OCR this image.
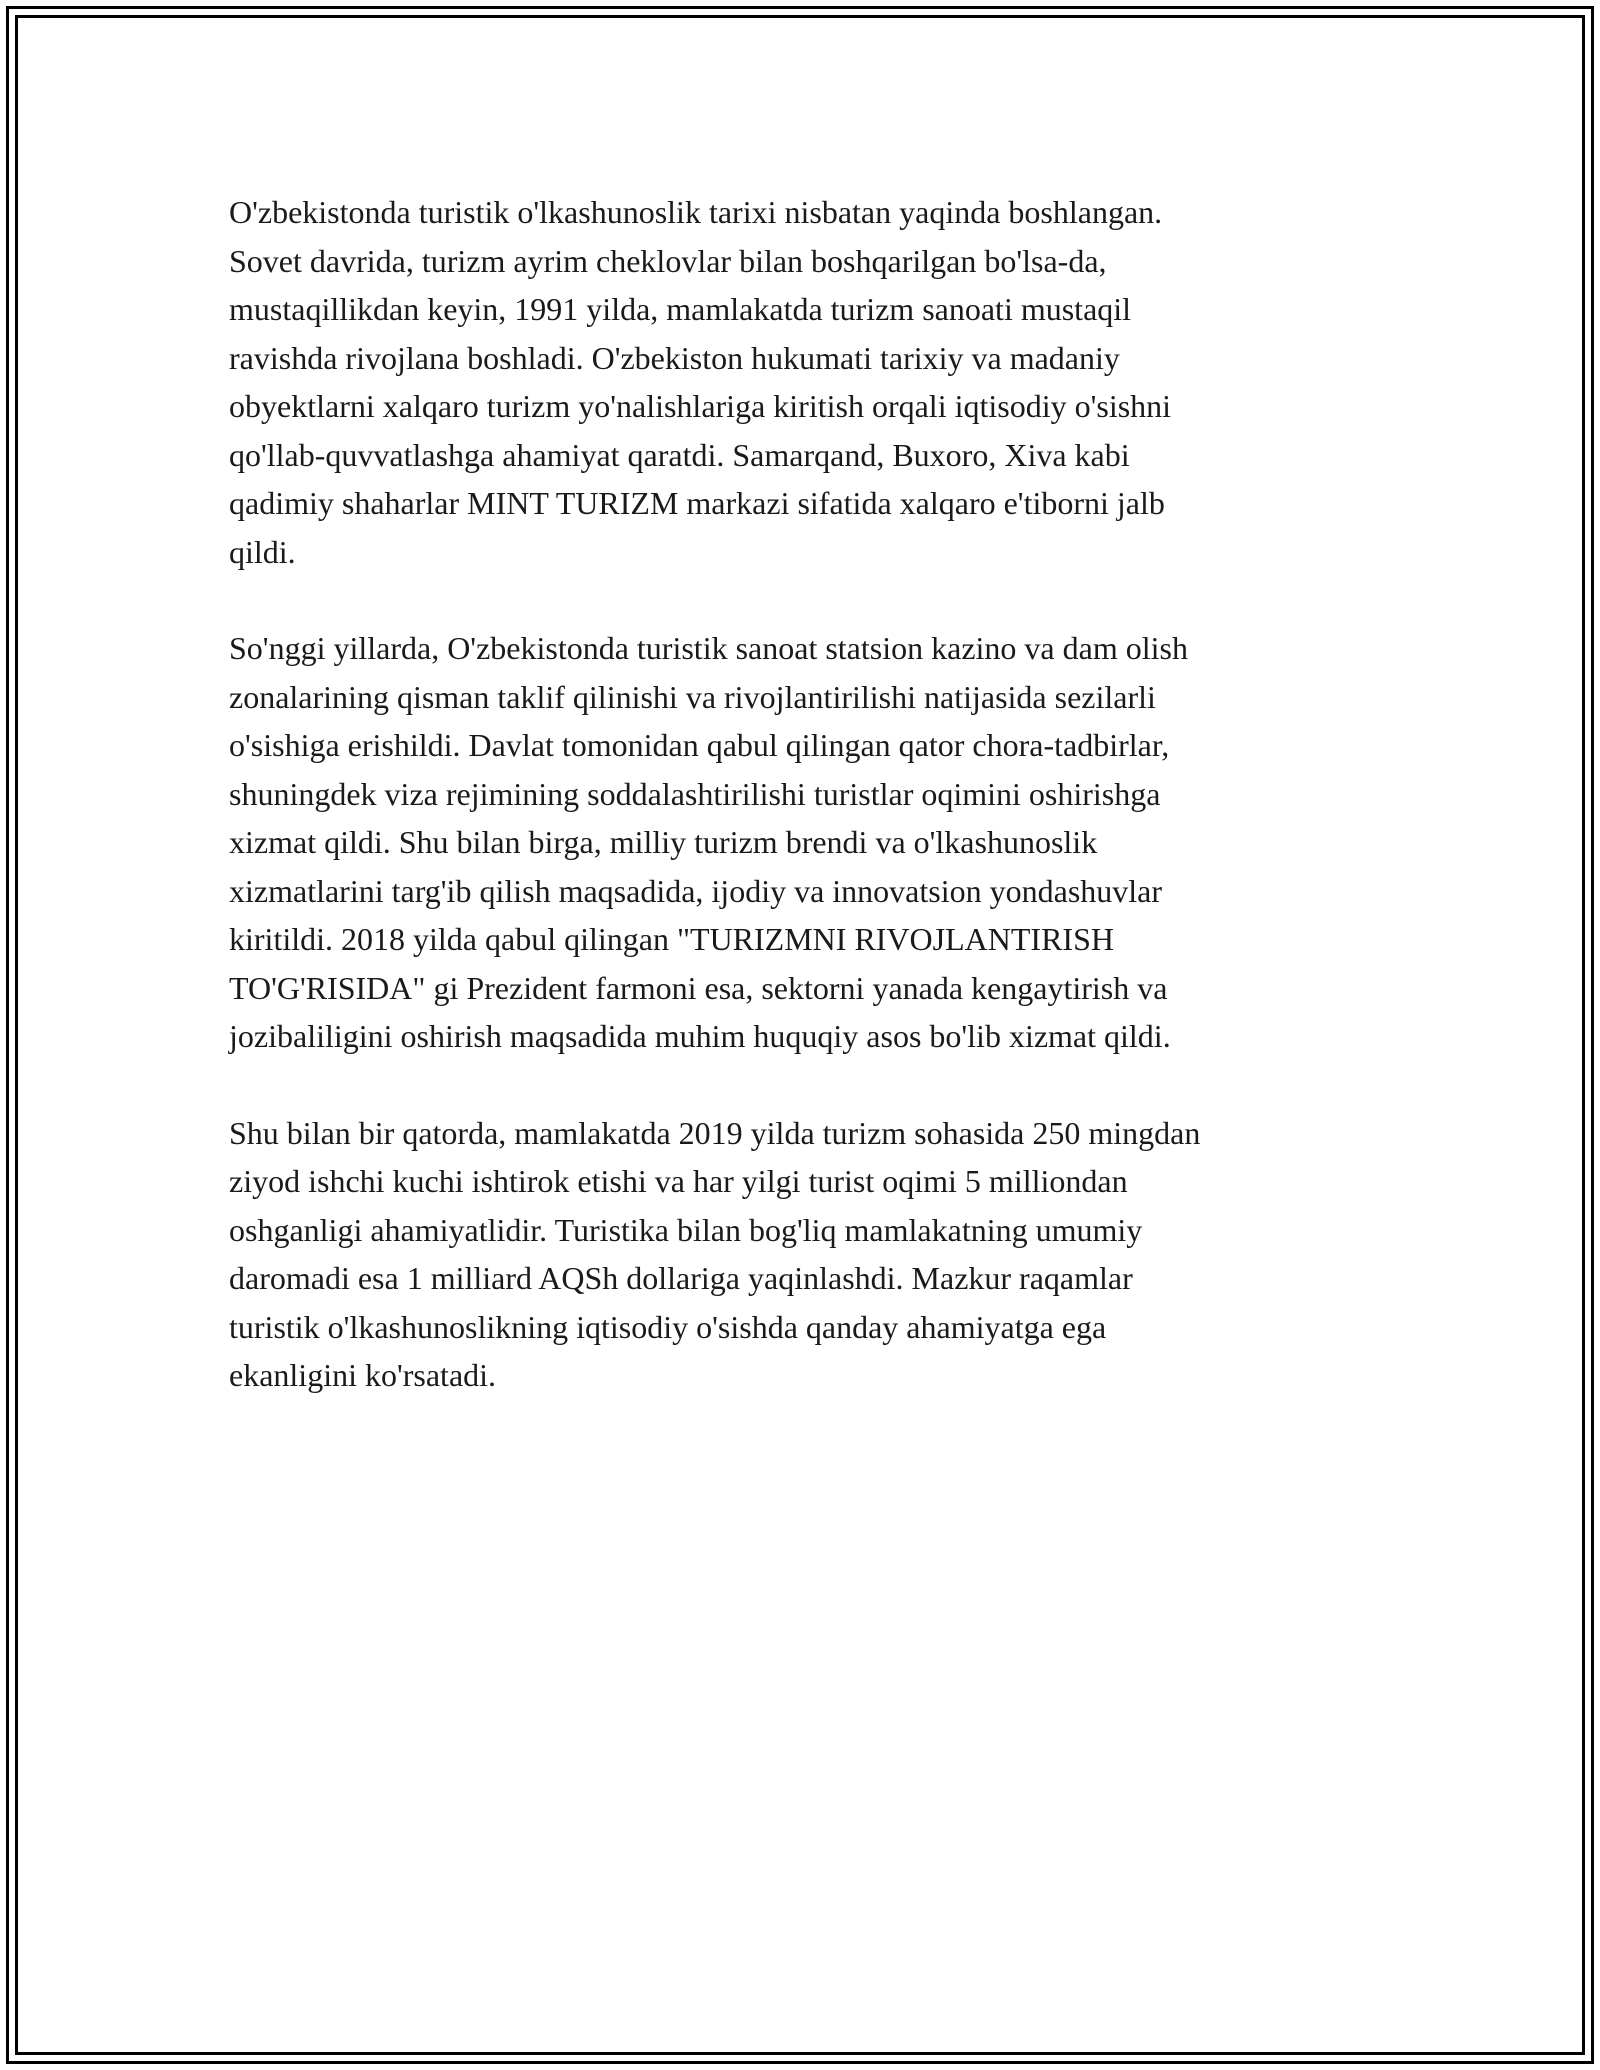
O'zbekistonda turistik o'lkashunoslik tarixi nisbatan yaqinda boshlangan.
Sovet davrida, turizm ayrim cheklovlar bilan boshqarilgan bo'lsa-da,
mustaqillikdan keyin, 1991 yilda, mamlakatda turizm sanoati mustaqil
ravishda rivojlana boshladi. O'zbekiston hukumati tarixiy va madaniy
obyektlarni xalqaro turizm yo'nalishlariga kiritish orqali iqtisodiy o'sishni
qo'llab-quvvatlashga ahamiyat qaratdi. Samarqand, Buxoro, Xiva kabi
qadimiy shaharlar MINT TURIZM markazi sifatida xalqaro e'tiborni jalb
qildi.

So'nggi yillarda, O'zbekistonda turistik sanoat statsion kazino va dam olish
zonalarining qisman taklif qilinishi va rivojlantirilishi natijasida sezilarli
o'sishiga erishildi. Davlat tomonidan qabul qilingan qator chora-tadbirlar,
shuningdek viza rejimining soddalashtirilishi turistlar oqimini oshirishga
xizmat qildi. Shu bilan birga, milliy turizm brendi va o'lkashunoslik
xizmatlarini targ'ib qilish maqsadida, ijodiy va innovatsion yondashuvlar
kiritildi. 2018 yilda qabul qilingan "TURIZMNI RIVOJLANTIRISH
TO'G'RISIDA" gi Prezident farmoni esa, sektorni yanada kengaytirish va
jozibaliligini oshirish maqsadida muhim huquqiy asos bo'lib xizmat qildi.

Shu bilan bir qatorda, mamlakatda 2019 yilda turizm sohasida 250 mingdan
ziyod ishchi kuchi ishtirok etishi va har yilgi turist oqimi 5 milliondan
oshganligi ahamiyatlidir. Turistika bilan bog'liq mamlakatning umumiy
daromadi esa 1 milliard AQSh dollariga yaqinlashdi. Mazkur raqamlar
turistik o'lkashunoslikning iqtisodiy o'sishda qanday ahamiyatga ega
ekanligini ko'rsatadi.
